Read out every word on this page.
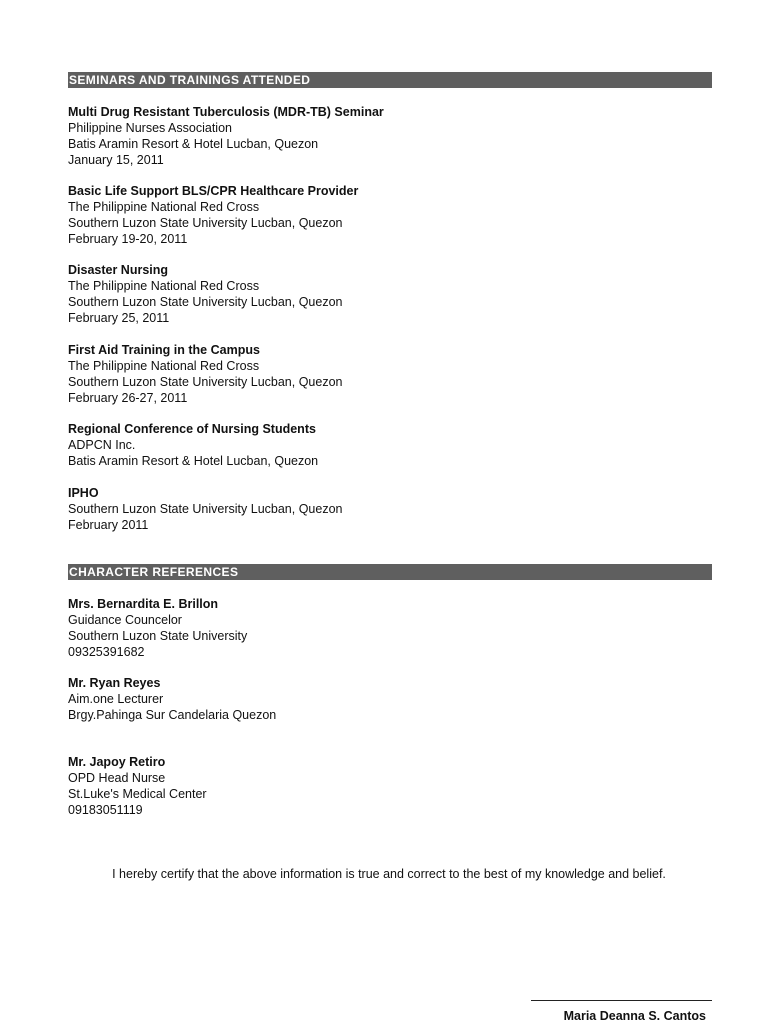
SEMINARS AND TRAININGS ATTENDED
Multi Drug Resistant Tuberculosis (MDR-TB) Seminar
Philippine Nurses Association
Batis Aramin Resort & Hotel Lucban, Quezon
January 15, 2011
Basic Life Support BLS/CPR Healthcare Provider
The Philippine National Red Cross
Southern Luzon State University Lucban, Quezon
February 19-20, 2011
Disaster Nursing
The Philippine National Red Cross
Southern Luzon State University Lucban, Quezon
February 25, 2011
First Aid Training in the Campus
The Philippine National Red Cross
Southern Luzon State University Lucban, Quezon
February 26-27, 2011
Regional Conference of Nursing Students
ADPCN Inc.
Batis Aramin Resort & Hotel Lucban, Quezon
IPHO
Southern Luzon State University Lucban, Quezon
February 2011
CHARACTER REFERENCES
Mrs. Bernardita E. Brillon
Guidance Councelor
Southern Luzon State University
09325391682
Mr. Ryan Reyes
Aim.one Lecturer
Brgy.Pahinga Sur Candelaria Quezon
Mr. Japoy Retiro
OPD Head Nurse
St.Luke's Medical Center
09183051119
I hereby certify that the above information is true and correct to the best of my knowledge and belief.
Maria Deanna S. Cantos
